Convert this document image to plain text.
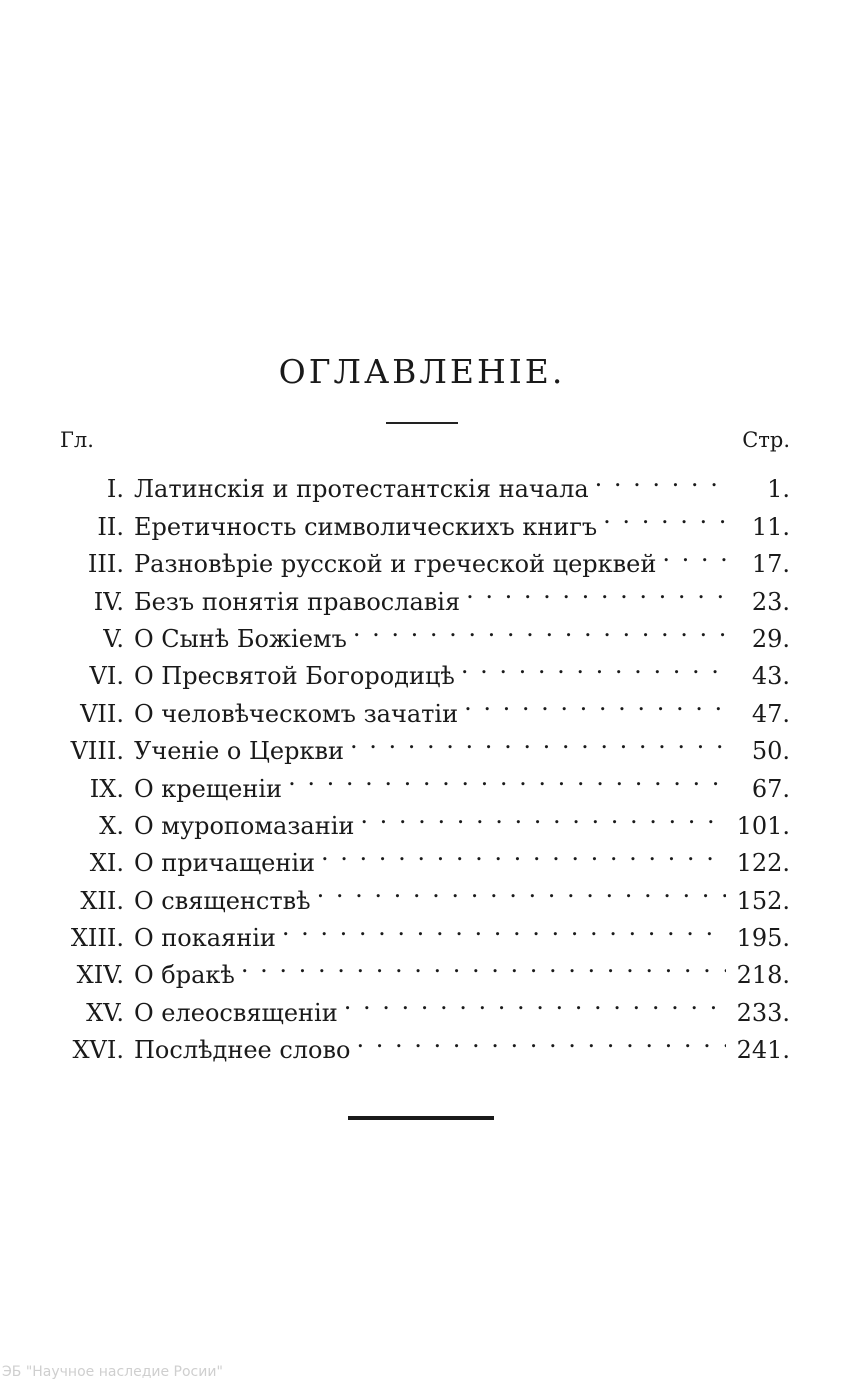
ОГЛАВЛЕНІЕ.
Гл.	Стр.
I. Латинскія и протестантскія начала . . .	1.
II. Еретичность символическихъ книгъ . . .	11.
III. Разновѣріе русской и греческой церквей . . .	17.
IV. Безъ понятія православія . . .	23.
V. О Сынѣ Божіемъ . . .	29.
VI. О Пресвятой Богородицѣ . . .	43.
VII. О человѣческомъ зачатіи . . .	47.
VIII. Ученіе о Церкви . . .	50.
IX. О крещеніи . . .	67.
X. О муропомазаніи . . .	101.
XI. О причащеніи . . .	122.
XII. О священствѣ . . .	152.
XIII. О покаяніи . . .	195.
XIV. О бракѣ . . .	218.
XV. О елеосвященіи . . .	233.
XVI. Послѣднее слово . . .	241.
ЭБ "Научное наследие Росии"
